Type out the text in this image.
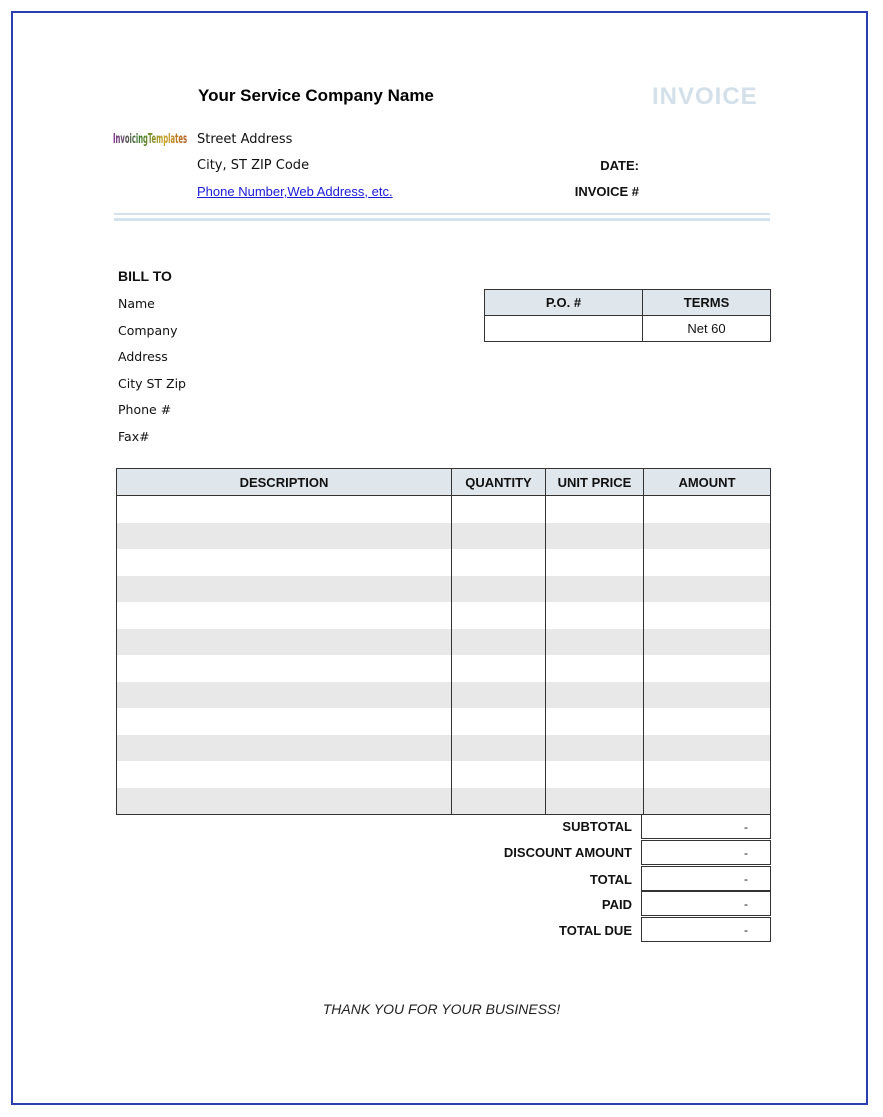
Your Service Company Name	INVOICE
InvoicingTemplates Street Address
City, ST ZIP Code
Phone Number,Web Address, etc.
DATE:
INVOICE #
BILL TO
Name
Company
Address
City ST Zip
Phone #
Fax#
P.O. #	TERMS
	Net 60
DESCRIPTION	QUANTITY	UNIT PRICE	AMOUNT

SUBTOTAL	-
DISCOUNT AMOUNT	-
TOTAL	-
PAID	-
TOTAL DUE	-
THANK YOU FOR YOUR BUSINESS!
